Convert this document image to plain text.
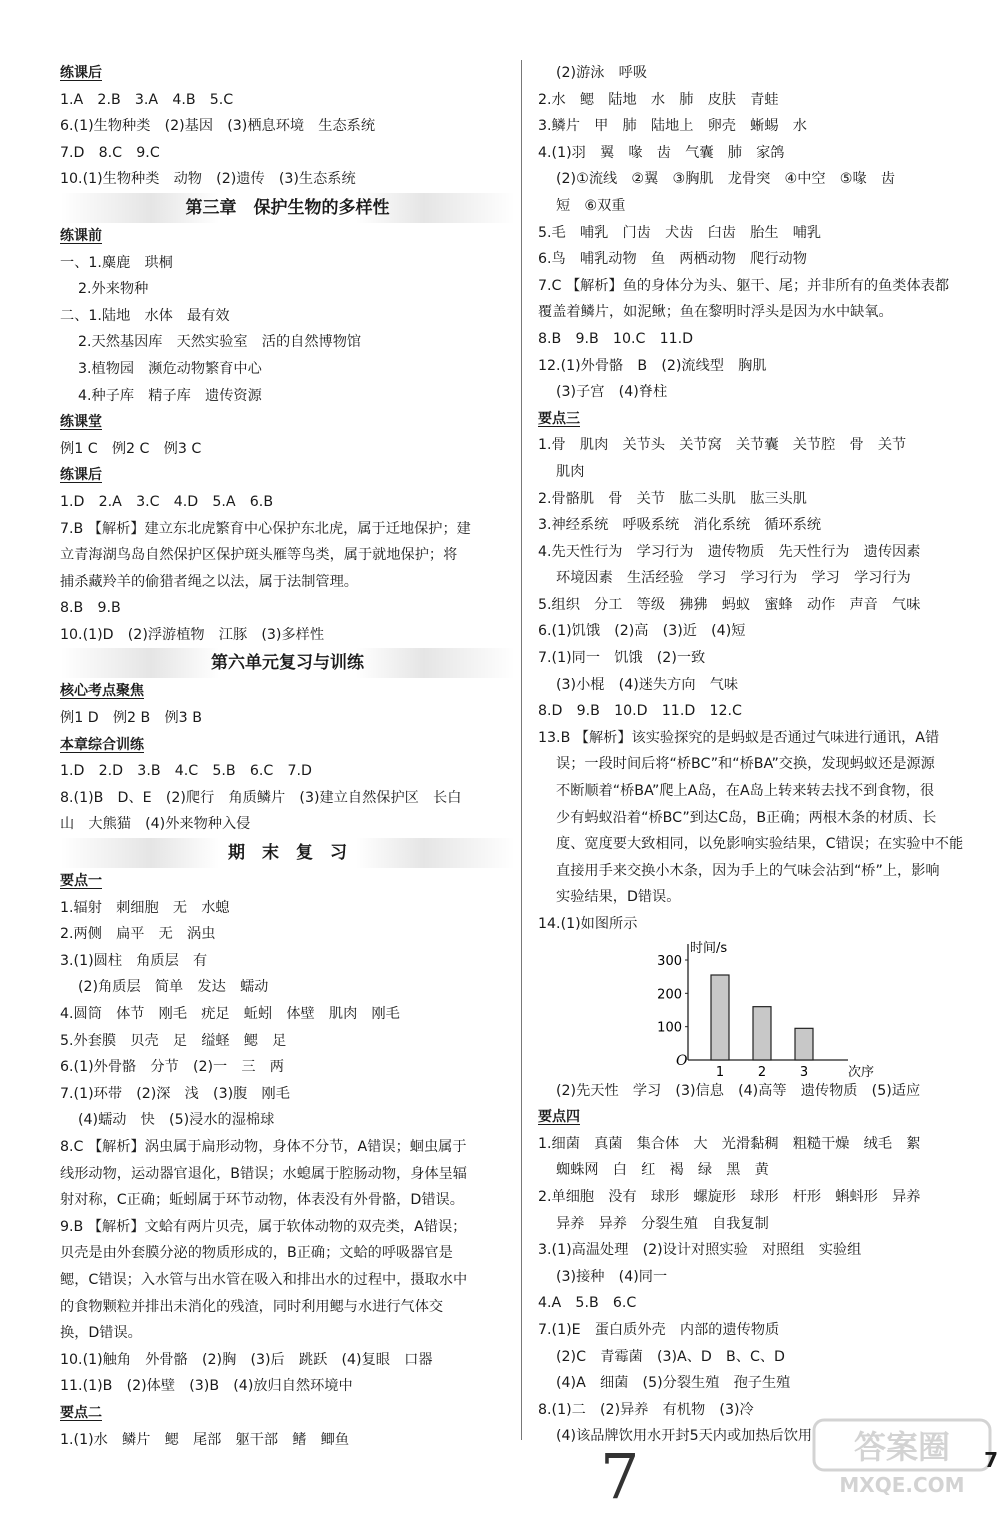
练课后
1.A　2.B　3.A　4.B　5.C
6.(1)生物种类　(2)基因　(3)栖息环境　生态系统
7.D　8.C　9.C
10.(1)生物种类　动物　(2)遗传　(3)生态系统
第三章　保护生物的多样性
练课前
一、1.麋鹿　珙桐
2.外来物种
二、1.陆地　水体　最有效
2.天然基因库　天然实验室　活的自然博物馆
3.植物园　濒危动物繁育中心
4.种子库　精子库　遗传资源
练课堂
例1 C　例2 C　例3 C
练课后
1.D　2.A　3.C　4.D　5.A　6.B
7.B 【解析】建立东北虎繁育中心保护东北虎，属于迁地保护；建
立青海湖鸟岛自然保护区保护斑头雁等鸟类，属于就地保护；将
捕杀藏羚羊的偷猎者绳之以法，属于法制管理。
8.B　9.B
10.(1)D　(2)浮游植物　江豚　(3)多样性
第六单元复习与训练
核心考点聚焦
例1 D　例2 B　例3 B
本章综合训练
1.D　2.D　3.B　4.C　5.B　6.C　7.D
8.(1)B　D、E　(2)爬行　角质鳞片　(3)建立自然保护区　长白
山　大熊猫　(4)外来物种入侵
期　末　复　习
要点一
1.辐射　刺细胞　无　水螅
2.两侧　扁平　无　涡虫
3.(1)圆柱　角质层　有
(2)角质层　简单　发达　蠕动
4.圆筒　体节　刚毛　疣足　蚯蚓　体壁　肌肉　刚毛
5.外套膜　贝壳　足　缢蛏　鳃　足
6.(1)外骨骼　分节　(2)一　三　两
7.(1)环带　(2)深　浅　(3)腹　刚毛
(4)蠕动　快　(5)浸水的湿棉球
8.C 【解析】涡虫属于扁形动物，身体不分节，A错误；蛔虫属于
线形动物，运动器官退化，B错误；水螅属于腔肠动物，身体呈辐
射对称，C正确；蚯蚓属于环节动物，体表没有外骨骼，D错误。
9.B 【解析】文蛤有两片贝壳，属于软体动物的双壳类，A错误；
贝壳是由外套膜分泌的物质形成的，B正确；文蛤的呼吸器官是
鳃，C错误；入水管与出水管在吸入和排出水的过程中，摄取水中
的食物颗粒并排出未消化的残渣，同时利用鳃与水进行气体交
换，D错误。
10.(1)触角　外骨骼　(2)胸　(3)后　跳跃　(4)复眼　口器
11.(1)B　(2)体壁　(3)B　(4)放归自然环境中
要点二
1.(1)水　鳞片　鳃　尾部　躯干部　鳍　鲫鱼
(2)游泳　呼吸
2.水　鳃　陆地　水　肺　皮肤　青蛙
3.鳞片　甲　肺　陆地上　卵壳　蜥蜴　水
4.(1)羽　翼　喙　齿　气囊　肺　家鸽
(2)①流线　②翼　③胸肌　龙骨突　④中空　⑤喙　齿
短　⑥双重
5.毛　哺乳　门齿　犬齿　臼齿　胎生　哺乳
6.鸟　哺乳动物　鱼　两栖动物　爬行动物
7.C 【解析】鱼的身体分为头、躯干、尾；并非所有的鱼类体表都
覆盖着鳞片，如泥鳅；鱼在黎明时浮头是因为水中缺氧。
8.B　9.B　10.C　11.D
12.(1)外骨骼　B　(2)流线型　胸肌
(3)子宫　(4)脊柱
要点三
1.骨　肌肉　关节头　关节窝　关节囊　关节腔　骨　关节
肌肉
2.骨骼肌　骨　关节　肱二头肌　肱三头肌
3.神经系统　呼吸系统　消化系统　循环系统
4.先天性行为　学习行为　遗传物质　先天性行为　遗传因素
环境因素　生活经验　学习　学习行为　学习　学习行为
5.组织　分工　等级　狒狒　蚂蚁　蜜蜂　动作　声音　气味
6.(1)饥饿　(2)高　(3)近　(4)短
7.(1)同一　饥饿　(2)一致
(3)小棍　(4)迷失方向　气味
8.D　9.B　10.D　11.D　12.C
13.B 【解析】该实验探究的是蚂蚁是否通过气味进行通讯，A错
误；一段时间后将“桥BC”和“桥BA”交换，发现蚂蚁还是源源
不断顺着“桥BA”爬上A岛，在A岛上转来转去找不到食物，很
少有蚂蚁沿着“桥BC”到达C岛，B正确；两根木条的材质、长
度、宽度要大致相同，以免影响实验结果，C错误；在实验中不能
直接用手来交换小木条，因为手上的气味会沾到“桥”上，影响
实验结果，D错误。
14.(1)如图所示
O
时间/s
次序
100
200
300
1	2	3
(2)先天性　学习　(3)信息　(4)高等　遗传物质　(5)适应
要点四
1.细菌　真菌　集合体　大　光滑黏稠　粗糙干燥　绒毛　絮
蜘蛛网　白　红　褐　绿　黑　黄
2.单细胞　没有　球形　螺旋形　球形　杆形　蝌蚪形　异养
异养　异养　分裂生殖　自我复制
3.(1)高温处理　(2)设计对照实验　对照组　实验组
(3)接种　(4)同一
4.A　5.B　6.C
7.(1)E　蛋白质外壳　内部的遗传物质
(2)C　青霉菌　(3)A、D　B、C、D
(4)A　细菌　(5)分裂生殖　孢子生殖
8.(1)二　(2)异养　有机物　(3)冷
(4)该品牌饮用水开封5天内或加热后饮用
7	答案圈
MXQE.COM
7
